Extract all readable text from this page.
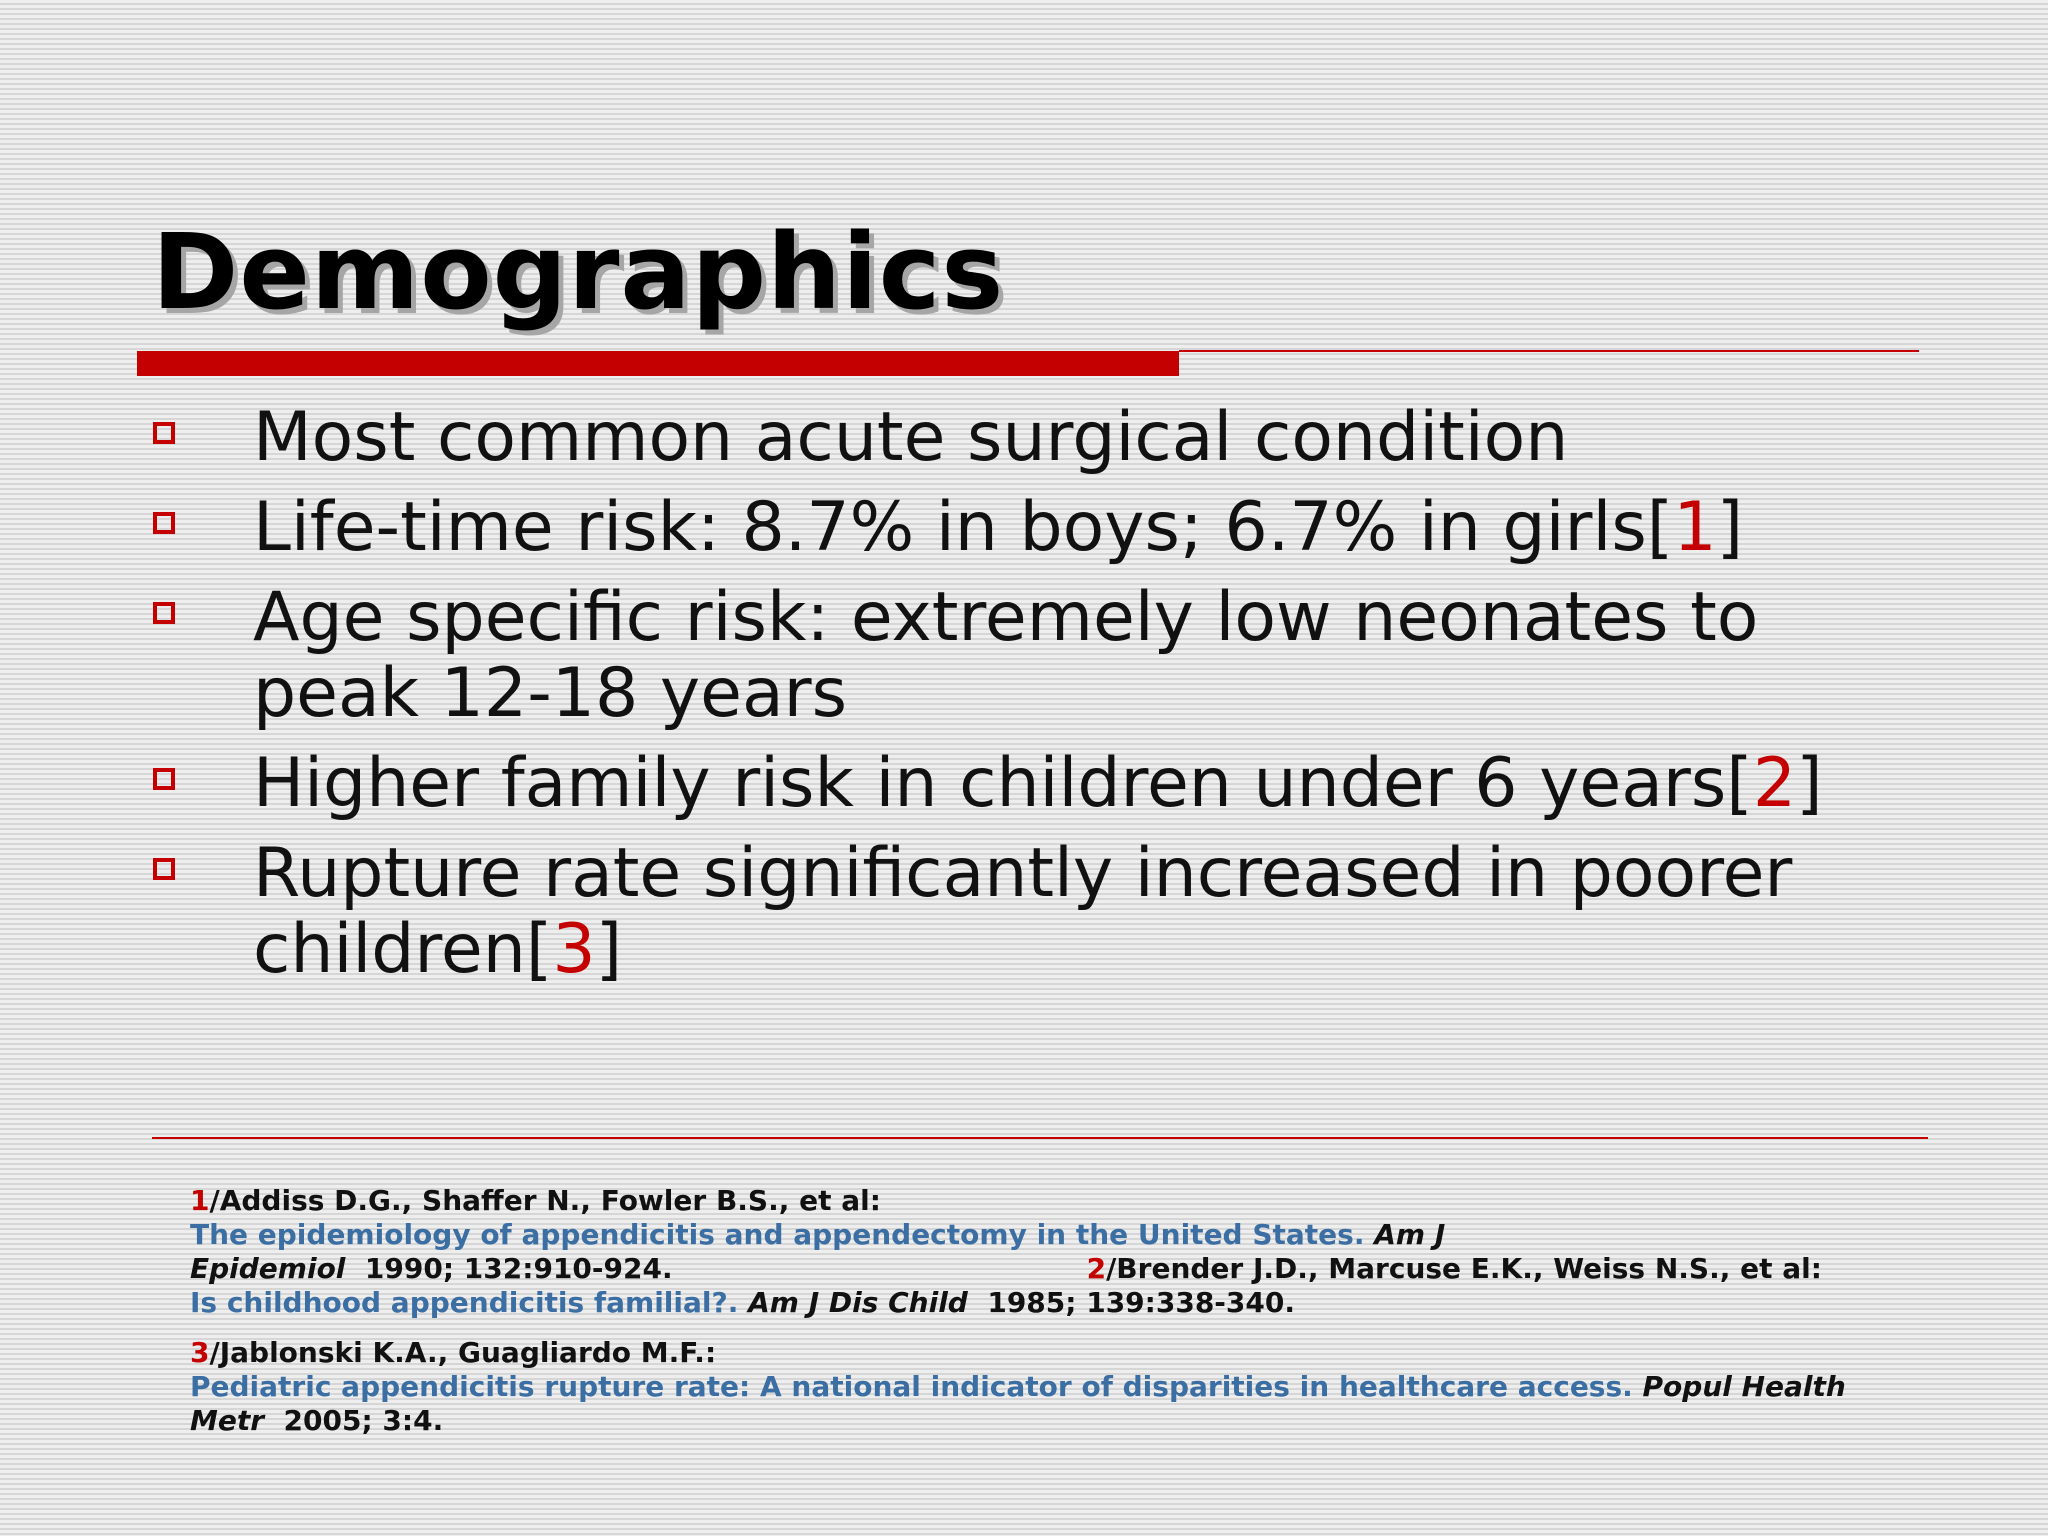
Demographics
Most common acute surgical condition
Life-time risk: 8.7% in boys; 6.7% in girls[1]
Age specific risk: extremely low neonates to
peak 12-18 years
Higher family risk in children under 6 years[2]
Rupture rate significantly increased in poorer
children[3]

1/Addiss D.G., Shaffer N., Fowler B.S., et al:

The epidemiology of appendicitis and appendectomy in the United States. Am J

Epidemiol 1990; 132:910-924.	2/Brender J.D., Marcuse E.K., Weiss N.S., et al:

Is childhood appendicitis familial?. Am J Dis Child 1985; 139:338-340.

3/Jablonski K.A., Guagliardo M.F.:

Pediatric appendicitis rupture rate: A national indicator of disparities in healthcare access. Popul Health

Metr 2005; 3:4.
